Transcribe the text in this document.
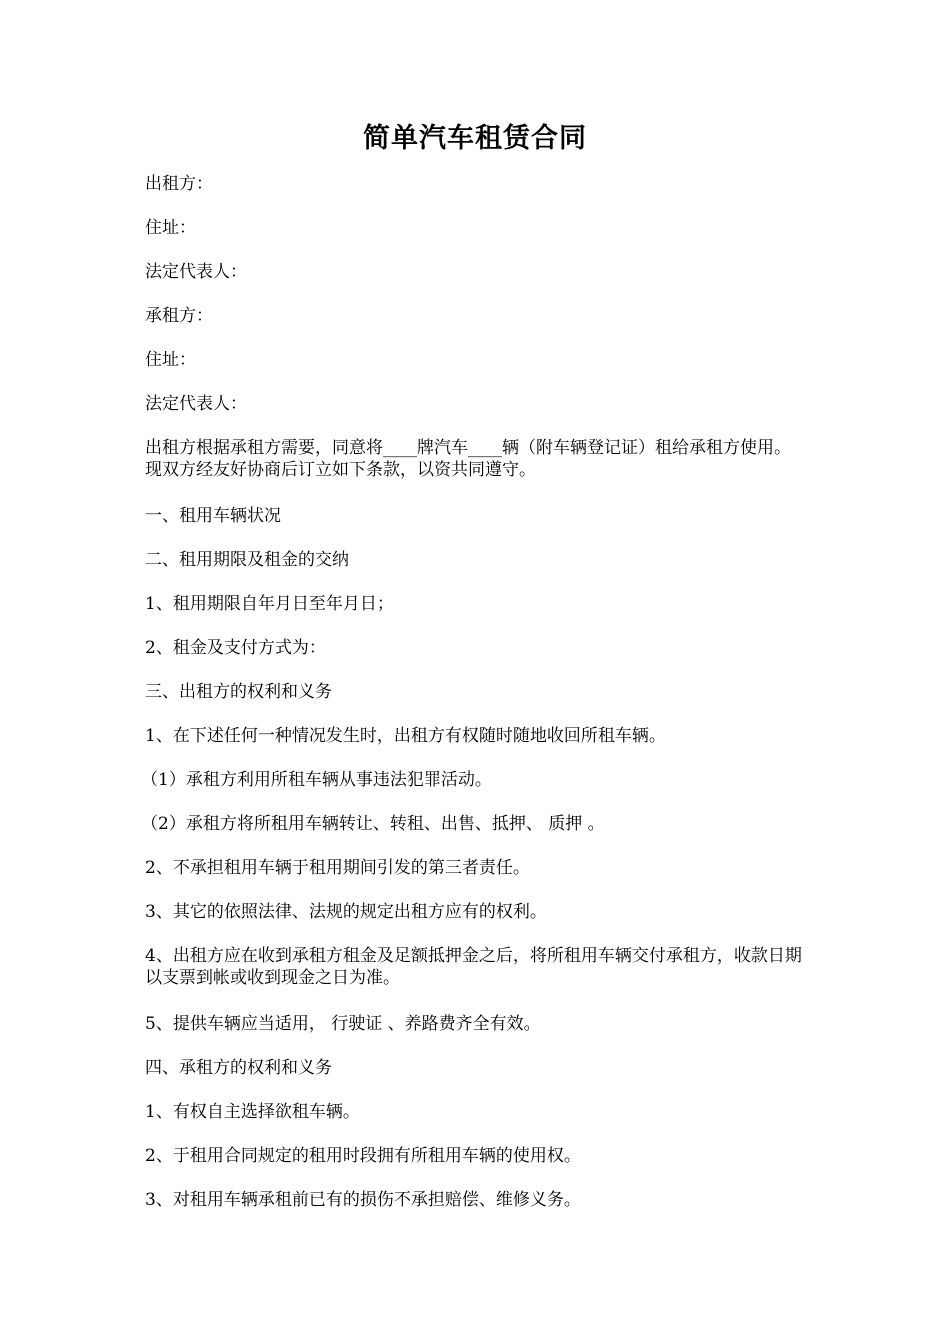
简单汽车租赁合同

出租方：

住址：

法定代表人：

承租方：

住址：

法定代表人：

出租方根据承租方需要，同意将____牌汽车____辆（附车辆登记证）租给承租方使用。现双方经友好协商后订立如下条款，以资共同遵守。

一、租用车辆状况

二、租用期限及租金的交纳

1、租用期限自年月日至年月日；

2、租金及支付方式为：

三、出租方的权利和义务

1、在下述任何一种情况发生时，出租方有权随时随地收回所租车辆。

（1）承租方利用所租车辆从事违法犯罪活动。

（2）承租方将所租用车辆转让、转租、出售、抵押、 质押 。

2、不承担租用车辆于租用期间引发的第三者责任。

3、其它的依照法律、法规的规定出租方应有的权利。

4、出租方应在收到承租方租金及足额抵押金之后，将所租用车辆交付承租方，收款日期以支票到帐或收到现金之日为准。

5、提供车辆应当适用， 行驶证 、养路费齐全有效。

四、承租方的权利和义务

1、有权自主选择欲租车辆。

2、于租用合同规定的租用时段拥有所租用车辆的使用权。

3、对租用车辆承租前已有的损伤不承担赔偿、维修义务。
